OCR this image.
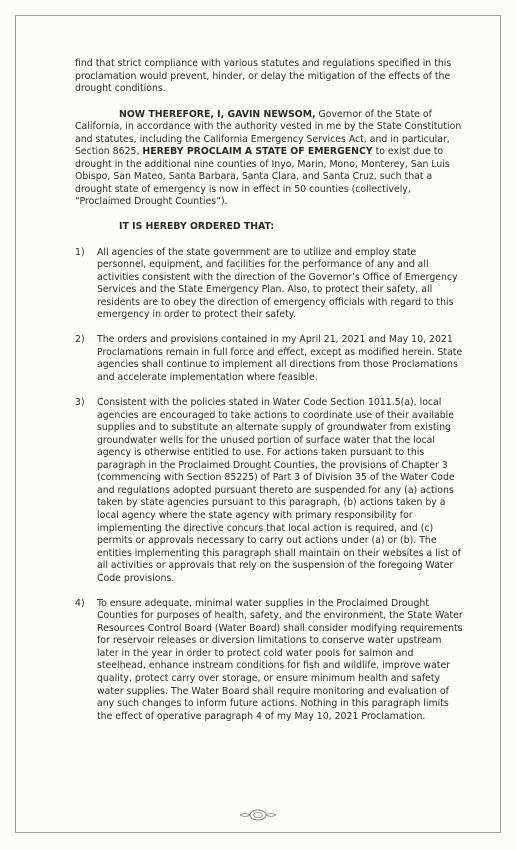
find that strict compliance with various statutes and regulations specified in this proclamation would prevent, hinder, or delay the mitigation of the effects of the drought conditions.

NOW THEREFORE, I, GAVIN NEWSOM, Governor of the State of California, in accordance with the authority vested in me by the State Constitution and statutes, including the California Emergency Services Act, and in particular, Section 8625, HEREBY PROCLAIM A STATE OF EMERGENCY to exist due to drought in the additional nine counties of Inyo, Marin, Mono, Monterey, San Luis Obispo, San Mateo, Santa Barbara, Santa Clara, and Santa Cruz, such that a drought state of emergency is now in effect in 50 counties (collectively, “Proclaimed Drought Counties”).

IT IS HEREBY ORDERED THAT:

1) All agencies of the state government are to utilize and employ state personnel, equipment, and facilities for the performance of any and all activities consistent with the direction of the Governor’s Office of Emergency Services and the State Emergency Plan. Also, to protect their safety, all residents are to obey the direction of emergency officials with regard to this emergency in order to protect their safety.

2) The orders and provisions contained in my April 21, 2021 and May 10, 2021 Proclamations remain in full force and effect, except as modified herein. State agencies shall continue to implement all directions from those Proclamations and accelerate implementation where feasible.

3) Consistent with the policies stated in Water Code Section 1011.5(a), local agencies are encouraged to take actions to coordinate use of their available supplies and to substitute an alternate supply of groundwater from existing groundwater wells for the unused portion of surface water that the local agency is otherwise entitled to use. For actions taken pursuant to this paragraph in the Proclaimed Drought Counties, the provisions of Chapter 3 (commencing with Section 85225) of Part 3 of Division 35 of the Water Code and regulations adopted pursuant thereto are suspended for any (a) actions taken by state agencies pursuant to this paragraph, (b) actions taken by a local agency where the state agency with primary responsibility for implementing the directive concurs that local action is required, and (c) permits or approvals necessary to carry out actions under (a) or (b). The entities implementing this paragraph shall maintain on their websites a list of all activities or approvals that rely on the suspension of the foregoing Water Code provisions.

4) To ensure adequate, minimal water supplies in the Proclaimed Drought Counties for purposes of health, safety, and the environment, the State Water Resources Control Board (Water Board) shall consider modifying requirements for reservoir releases or diversion limitations to conserve water upstream later in the year in order to protect cold water pools for salmon and steelhead, enhance instream conditions for fish and wildlife, improve water quality, protect carry over storage, or ensure minimum health and safety water supplies. The Water Board shall require monitoring and evaluation of any such changes to inform future actions. Nothing in this paragraph limits the effect of operative paragraph 4 of my May 10, 2021 Proclamation.
